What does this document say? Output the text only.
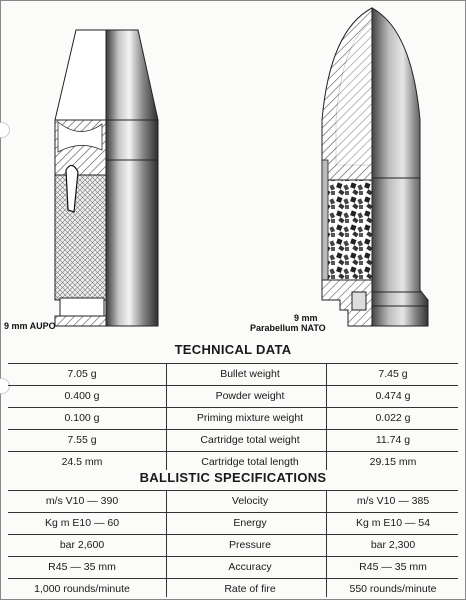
9 mm AUPO
9 mm
Parabellum NATO
TECHNICAL DATA
7.05 g	Bullet weight	7.45 g
0.400 g	Powder weight	0.474 g
0.100 g	Priming mixture weight	0.022 g
7.55 g	Cartridge total weight	11.74 g
24.5 mm	Cartridge total length	29.15 mm
BALLISTIC SPECIFICATIONS
m/s V10 — 390	Velocity	m/s V10 — 385
Kg m E10 — 60	Energy	Kg m E10 — 54
bar 2,600	Pressure	bar 2,300
R45 — 35 mm	Accuracy	R45 — 35 mm
1,000 rounds/minute	Rate of fire	550 rounds/minute
